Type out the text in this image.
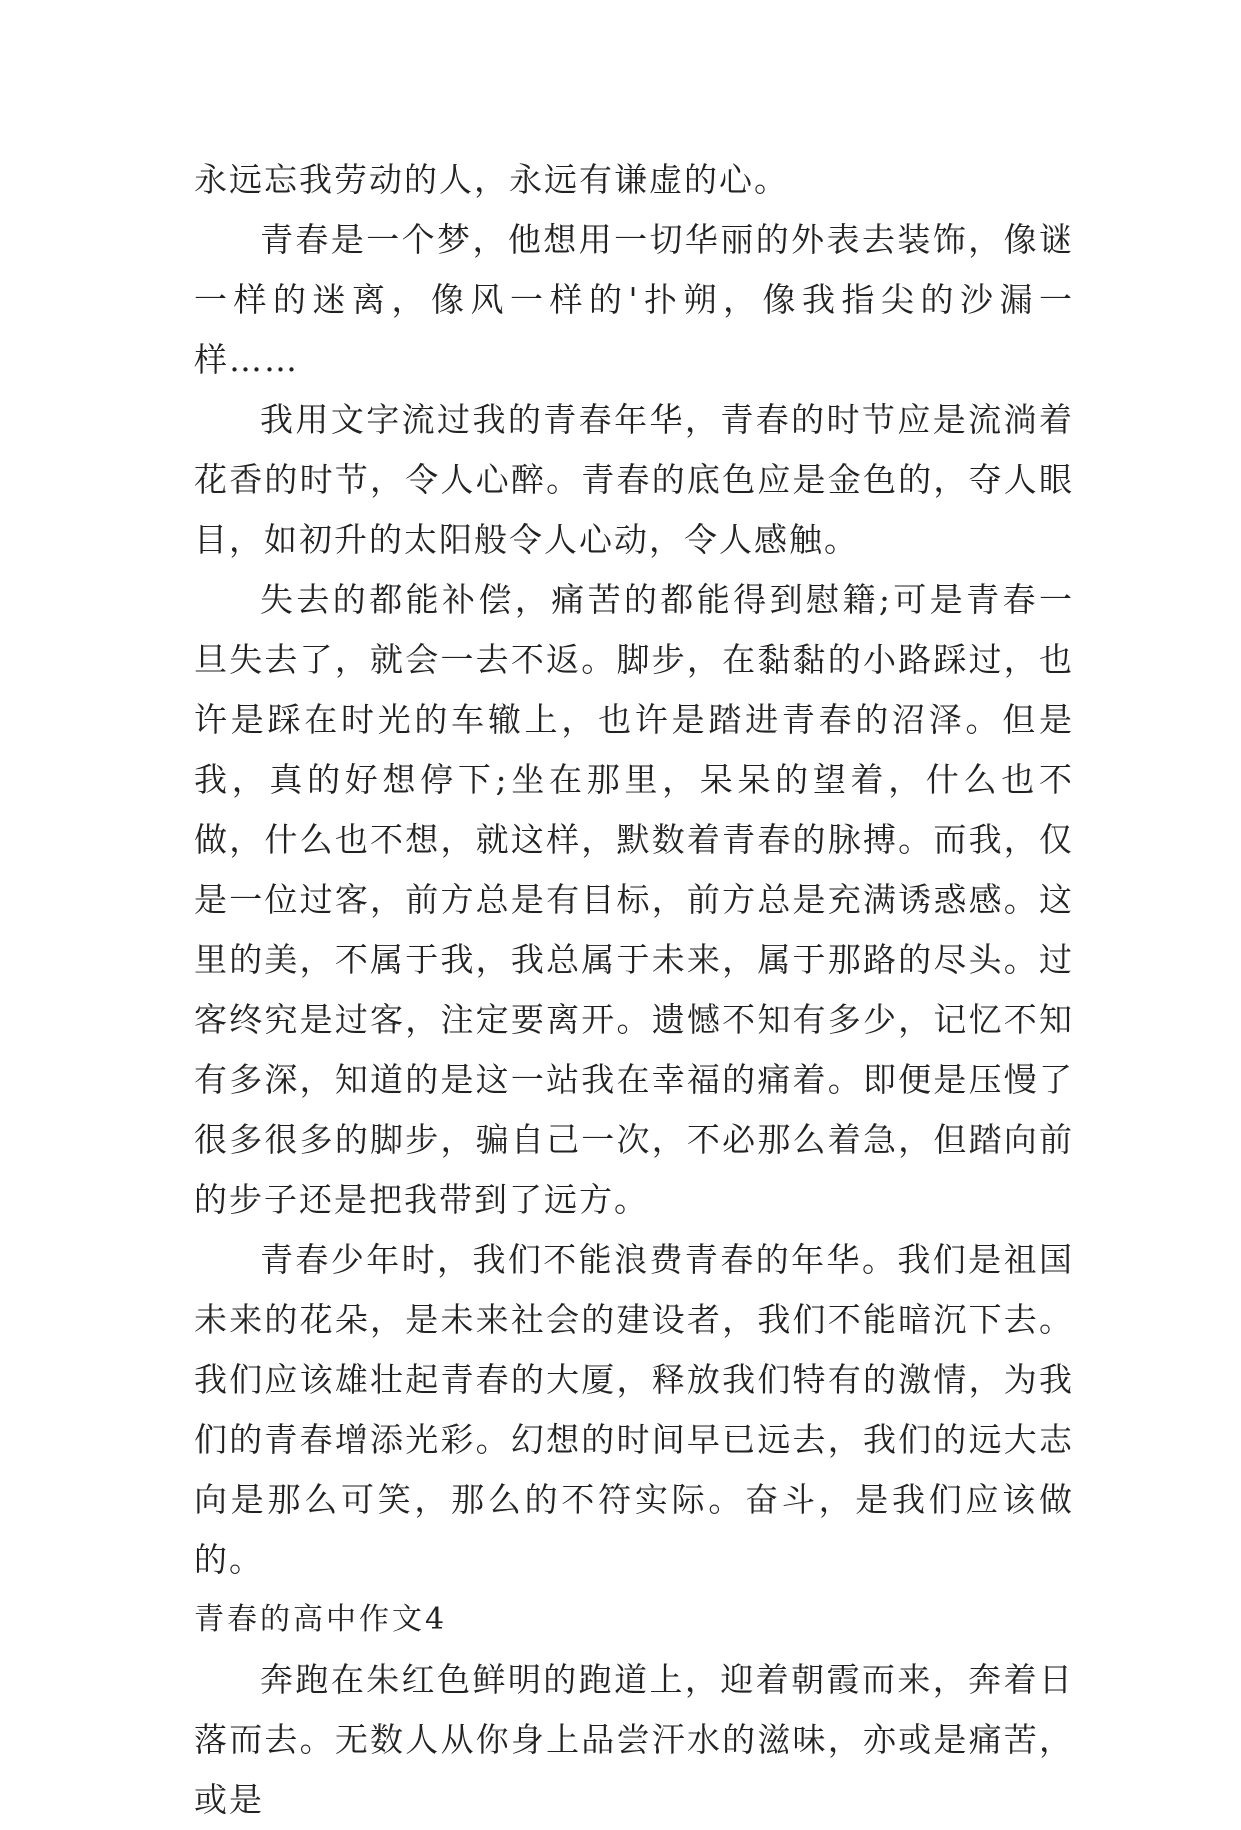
永远忘我劳动的人，永远有谦虚的心。

青春是一个梦，他想用一切华丽的外表去装饰，像谜一样的迷离，像风一样的'扑朔，像我指尖的沙漏一样……

我用文字流过我的青春年华，青春的时节应是流淌着花香的时节，令人心醉。青春的底色应是金色的，夺人眼目，如初升的太阳般令人心动，令人感触。

失去的都能补偿，痛苦的都能得到慰籍;可是青春一旦失去了，就会一去不返。脚步，在黏黏的小路踩过，也许是踩在时光的车辙上，也许是踏进青春的沼泽。但是我，真的好想停下;坐在那里，呆呆的望着，什么也不做，什么也不想，就这样，默数着青春的脉搏。而我，仅是一位过客，前方总是有目标，前方总是充满诱惑感。这里的美，不属于我，我总属于未来，属于那路的尽头。过客终究是过客，注定要离开。遗憾不知有多少，记忆不知有多深，知道的是这一站我在幸福的痛着。即便是压慢了很多很多的脚步，骗自己一次，不必那么着急，但踏向前的步子还是把我带到了远方。

青春少年时，我们不能浪费青春的年华。我们是祖国未来的花朵，是未来社会的建设者，我们不能暗沉下去。我们应该雄壮起青春的大厦，释放我们特有的激情，为我们的青春增添光彩。幻想的时间早已远去，我们的远大志向是那么可笑，那么的不符实际。奋斗，是我们应该做的。

青春的高中作文4

奔跑在朱红色鲜明的跑道上，迎着朝霞而来，奔着日落而去。无数人从你身上品尝汗水的滋味，亦或是痛苦，或是
